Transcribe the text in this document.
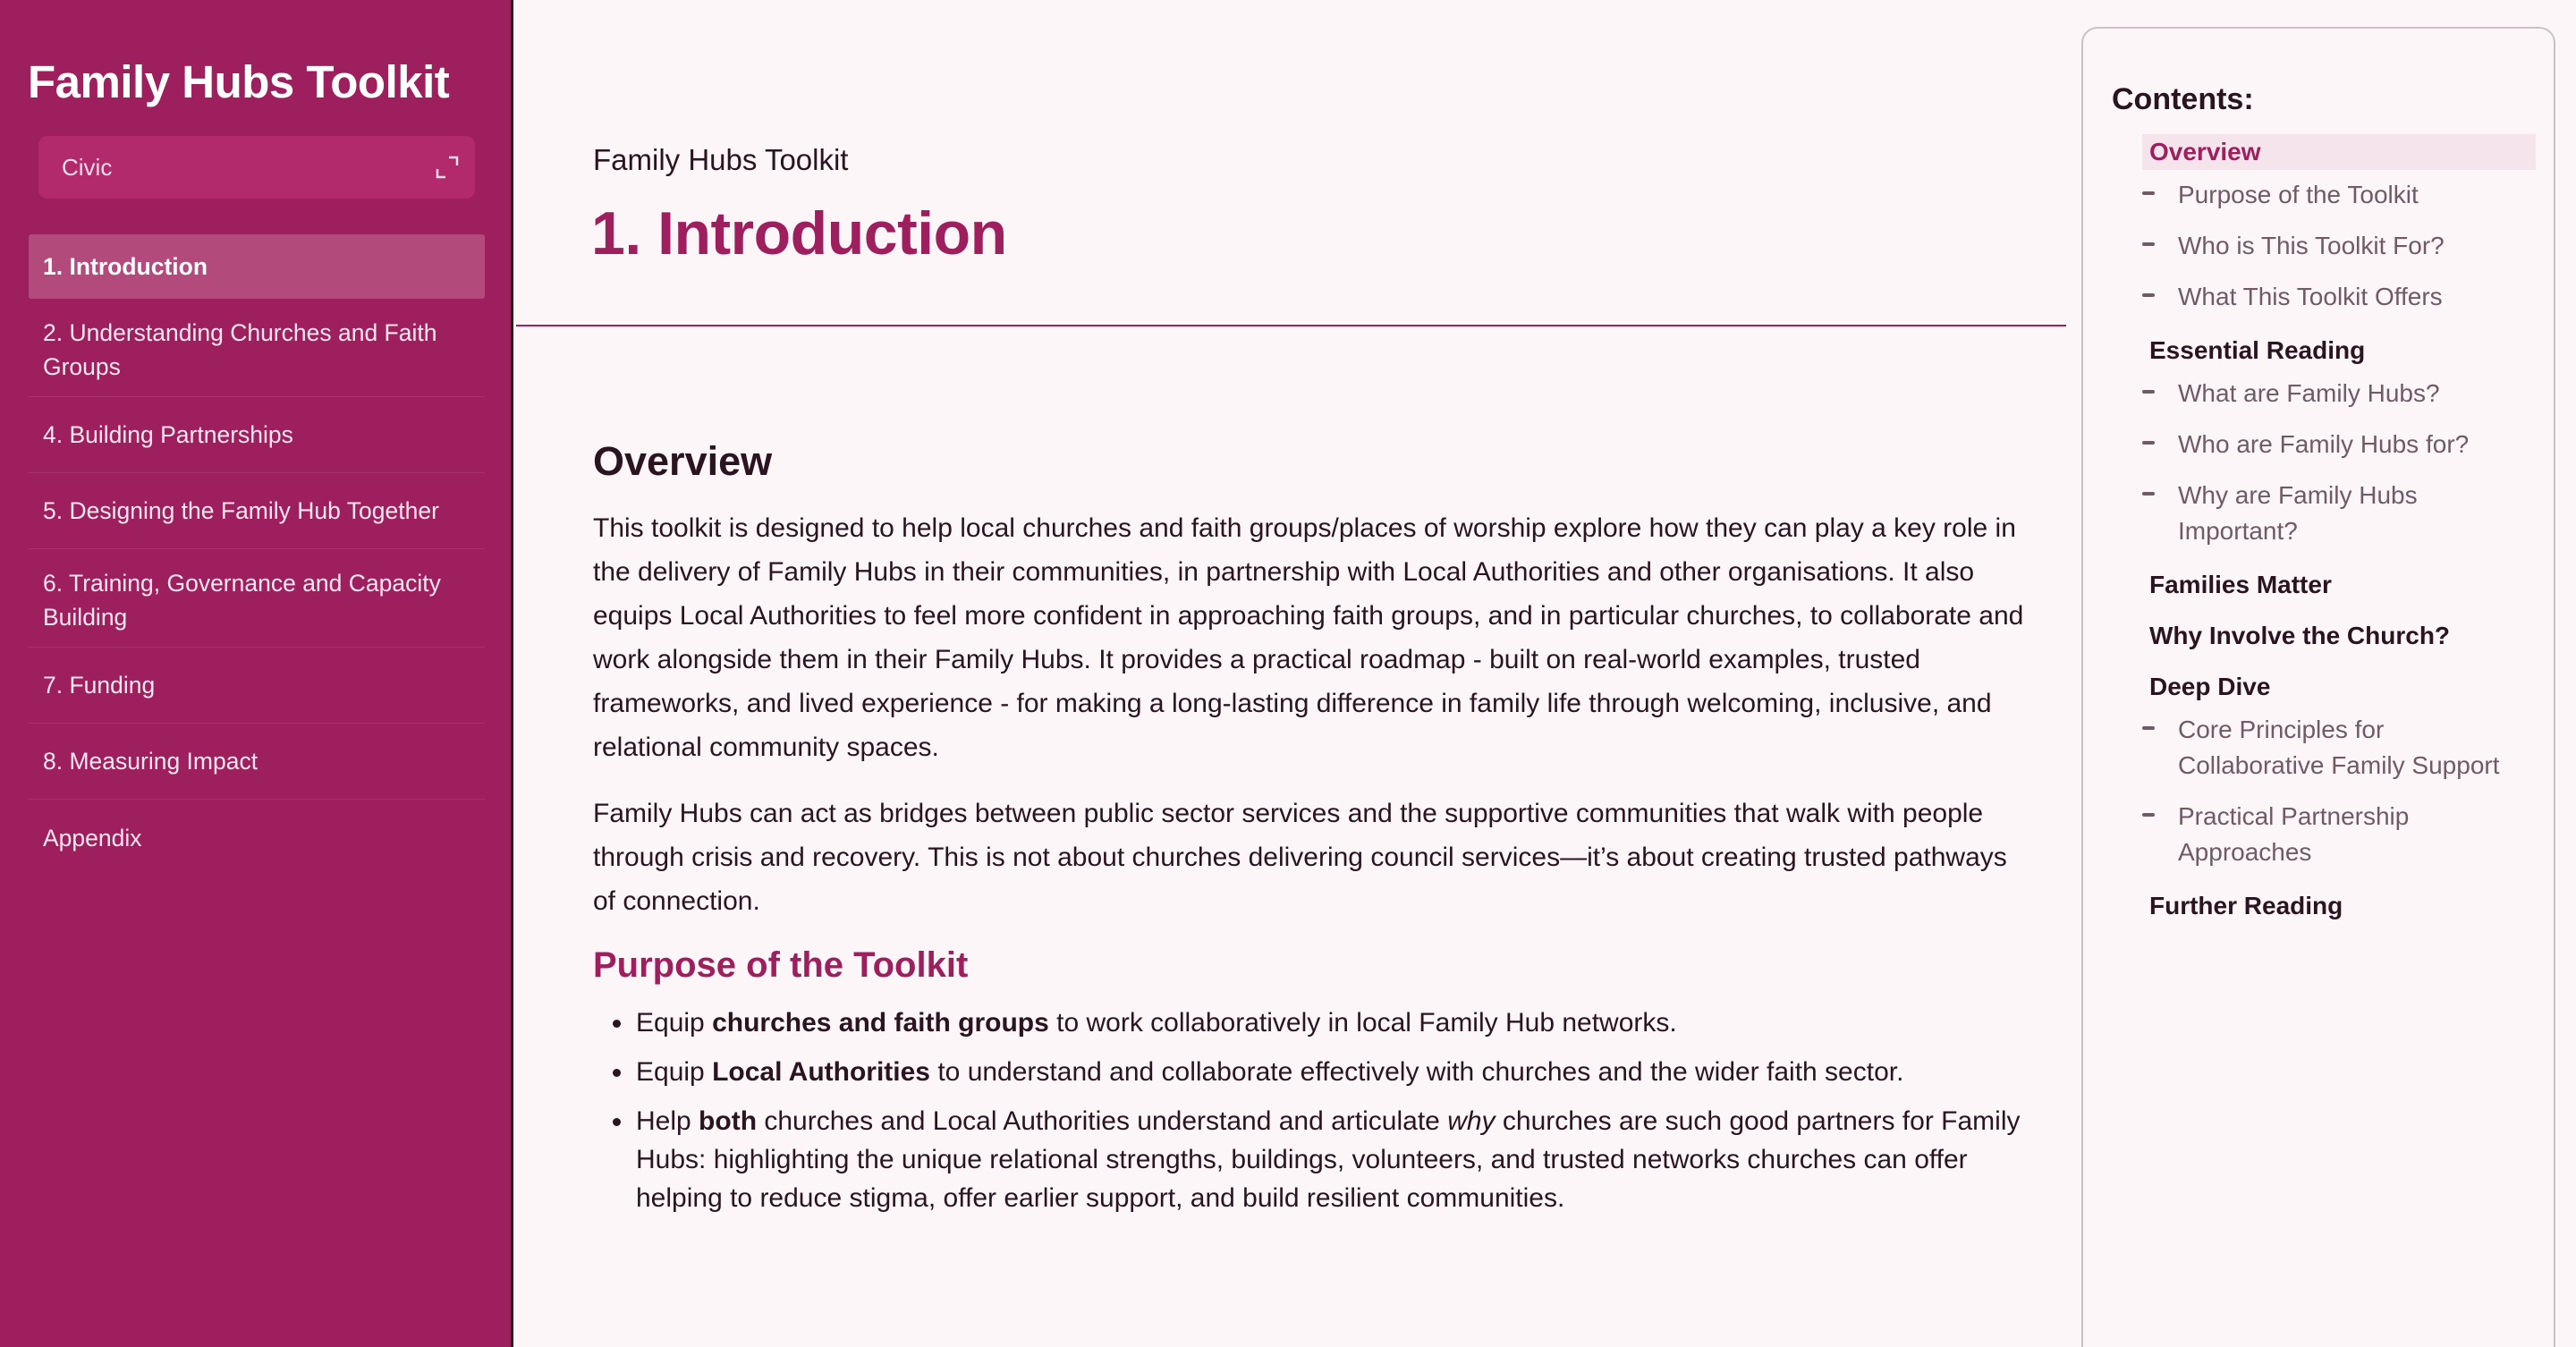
Family Hubs Toolkit
Civic
1. Introduction
2. Understanding Churches and Faith Groups
4. Building Partnerships
5. Designing the Family Hub Together
6. Training, Governance and Capacity Building
7. Funding
8. Measuring Impact
Appendix
Family Hubs Toolkit
1. Introduction
Overview

This toolkit is designed to help local churches and faith groups/places of worship explore how they can play a key role in the delivery of Family Hubs in their communities, in partnership with Local Authorities and other organisations. It also equips Local Authorities to feel more confident in approaching faith groups, and in particular churches, to collaborate and work alongside them in their Family Hubs. It provides a practical roadmap - built on real-world examples, trusted frameworks, and lived experience - for making a long-lasting difference in family life through welcoming, inclusive, and relational community spaces.

Family Hubs can act as bridges between public sector services and the supportive communities that walk with people through crisis and recovery. This is not about churches delivering council services—it’s about creating trusted pathways of connection.

Purpose of the Toolkit
Equip churches and faith groups to work collaboratively in local Family Hub networks.
Equip Local Authorities to understand and collaborate effectively with churches and the wider faith sector.
Help both churches and Local Authorities understand and articulate why churches are such good partners for Family Hubs: highlighting the unique relational strengths, buildings, volunteers, and trusted networks churches can offer helping to reduce stigma, offer earlier support, and build resilient communities.
Contents:
Overview
Purpose of the Toolkit
Who is This Toolkit For?
What This Toolkit Offers
Essential Reading
What are Family Hubs?
Who are Family Hubs for?
Why are Family Hubs Important?
Families Matter
Why Involve the Church?
Deep Dive
Core Principles for Collaborative Family Support
Practical Partnership Approaches
Further Reading
